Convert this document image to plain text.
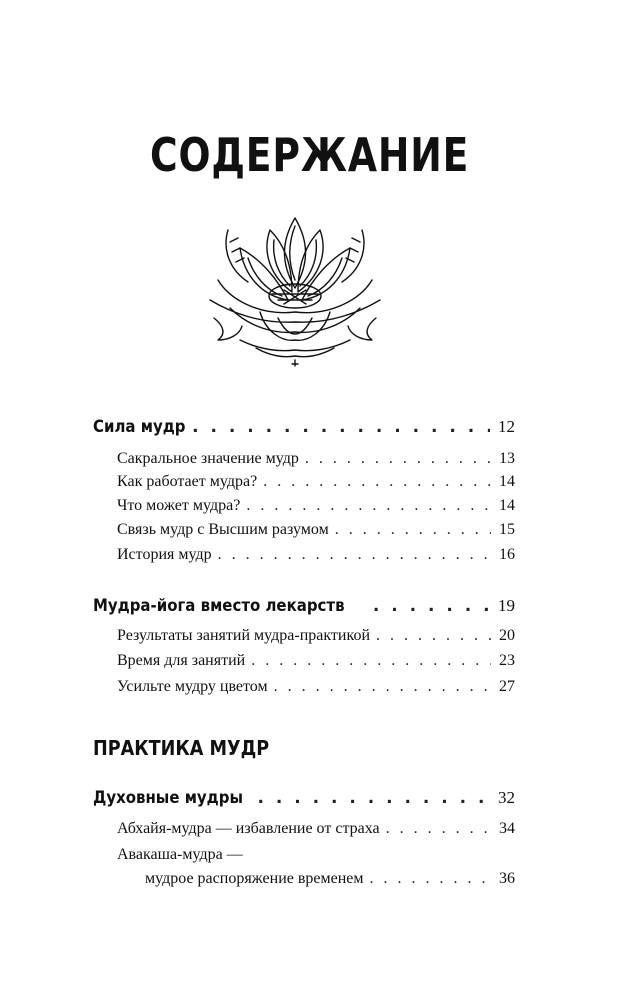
СОДЕРЖАНИЕ
Сила мудр . . .	12
Сакральное значение мудр . . .	13
Как работает мудра? . . .	14
Что может мудра? . . .	14
Связь мудр с Высшим разумом . . .	15
История мудр . . .	16
Мудра-йога вместо лекарств . . .	19
Результаты занятий мудра-практикой . . .	20
Время для занятий . . .	23
Усильте мудру цветом . . .	27
ПРАКТИКА МУДР
Духовные мудры . . .	32
Абхайя-мудра — избавление от страха . . .	34
Авакаша-мудра —
мудрое распоряжение временем . . .	36
